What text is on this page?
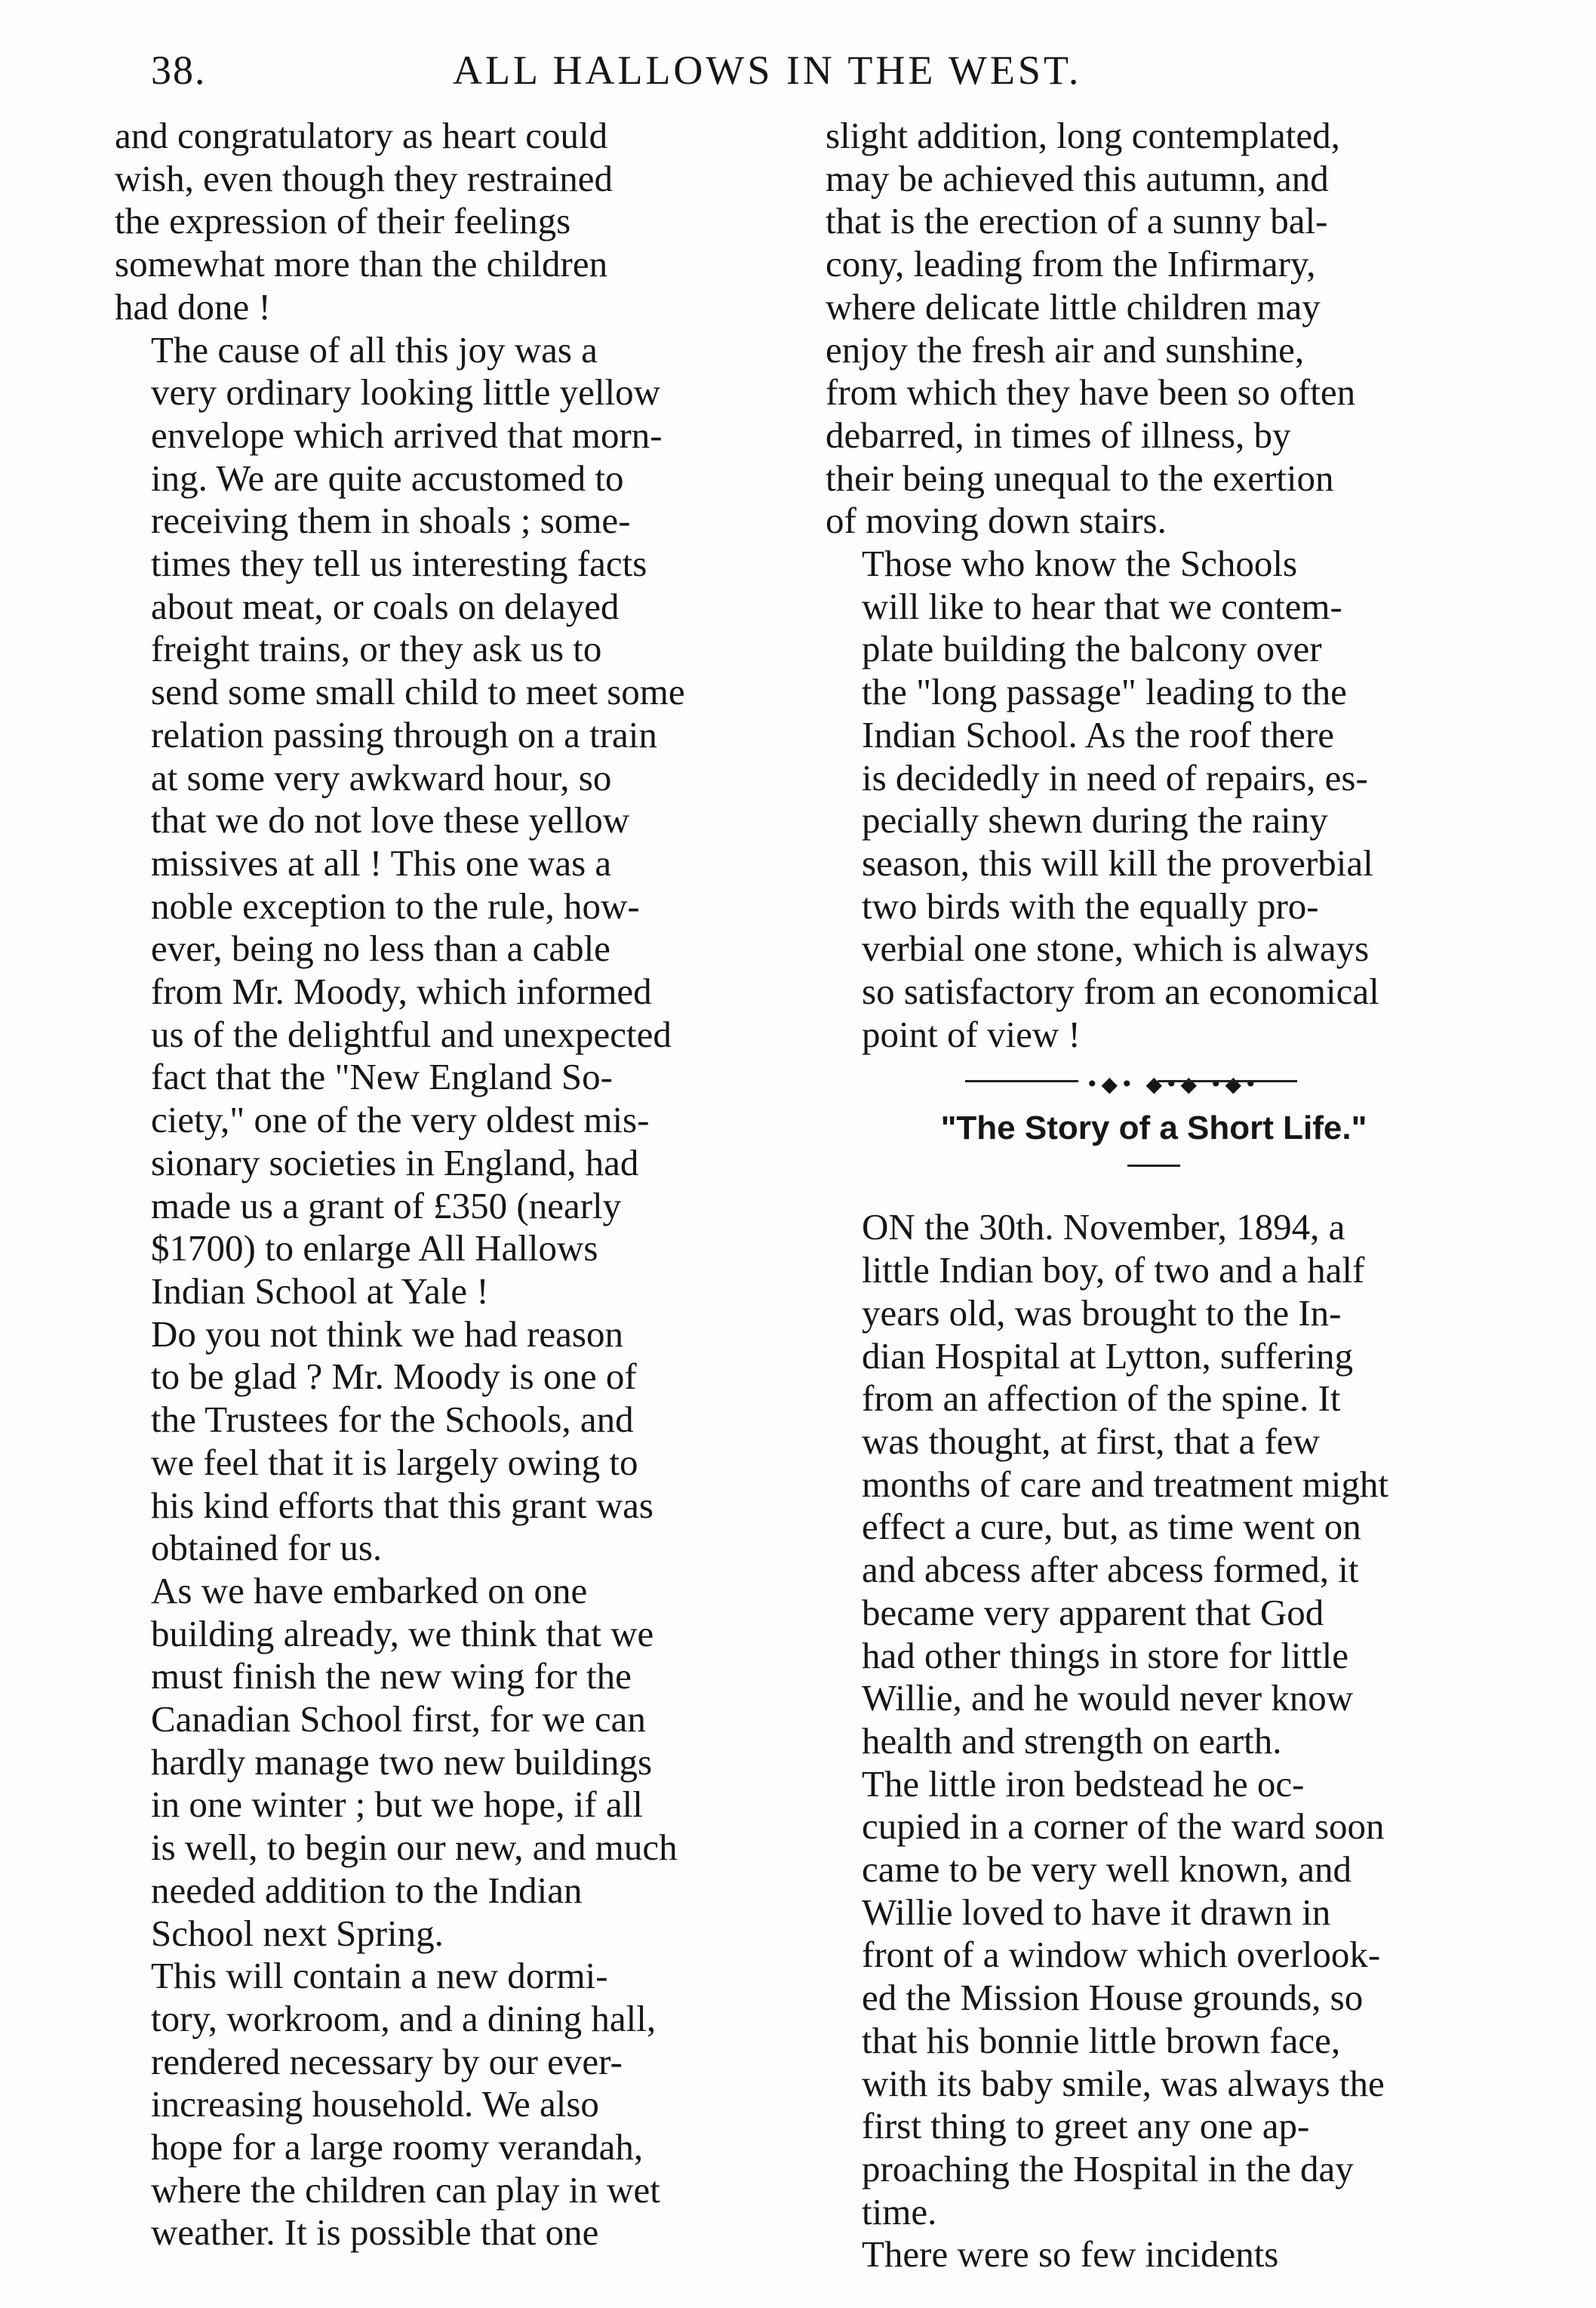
38.	ALL HALLOWS IN THE WEST.

and congratulatory as heart could
wish, even though they restrained
the expression of their feelings
somewhat more than the children
had done !

The cause of all this joy was a
very ordinary looking little yellow
envelope which arrived that morn-
ing. We are quite accustomed to
receiving them in shoals ; some-
times they tell us interesting facts
about meat, or coals on delayed
freight trains, or they ask us to
send some small child to meet some
relation passing through on a train
at some very awkward hour, so
that we do not love these yellow
missives at all ! This one was a
noble exception to the rule, how-
ever, being no less than a cable
from Mr. Moody, which informed
us of the delightful and unexpected
fact that the "New England So-
ciety," one of the very oldest mis-
sionary societies in England, had
made us a grant of £350 (nearly
$1700) to enlarge All Hallows
Indian School at Yale !

Do you not think we had reason
to be glad ? Mr. Moody is one of
the Trustees for the Schools, and
we feel that it is largely owing to
his kind efforts that this grant was
obtained for us.

As we have embarked on one
building already, we think that we
must finish the new wing for the
Canadian School first, for we can
hardly manage two new buildings
in one winter ; but we hope, if all
is well, to begin our new, and much
needed addition to the Indian
School next Spring.

This will contain a new dormi-
tory, workroom, and a dining hall,
rendered necessary by our ever-
increasing household. We also
hope for a large roomy verandah,
where the children can play in wet
weather. It is possible that one

slight addition, long contemplated,
may be achieved this autumn, and
that is the erection of a sunny bal-
cony, leading from the Infirmary,
where delicate little children may
enjoy the fresh air and sunshine,
from which they have been so often
debarred, in times of illness, by
their being unequal to the exertion
of moving down stairs.

Those who know the Schools
will like to hear that we contem-
plate building the balcony over
the "long passage" leading to the
Indian School. As the roof there
is decidedly in need of repairs, es-
pecially shewn during the rainy
season, this will kill the proverbial
two birds with the equally pro-
verbial one stone, which is always
so satisfactory from an economical
point of view !

•◆• ◆•◆ •◆•
"The Story of a Short Life."

ON the 30th. November, 1894, a
little Indian boy, of two and a half
years old, was brought to the In-
dian Hospital at Lytton, suffering
from an affection of the spine. It
was thought, at first, that a few
months of care and treatment might
effect a cure, but, as time went on
and abcess after abcess formed, it
became very apparent that God
had other things in store for little
Willie, and he would never know
health and strength on earth.

The little iron bedstead he oc-
cupied in a corner of the ward soon
came to be very well known, and
Willie loved to have it drawn in
front of a window which overlook-
ed the Mission House grounds, so
that his bonnie little brown face,
with its baby smile, was always the
first thing to greet any one ap-
proaching the Hospital in the day
time.

There were so few incidents
